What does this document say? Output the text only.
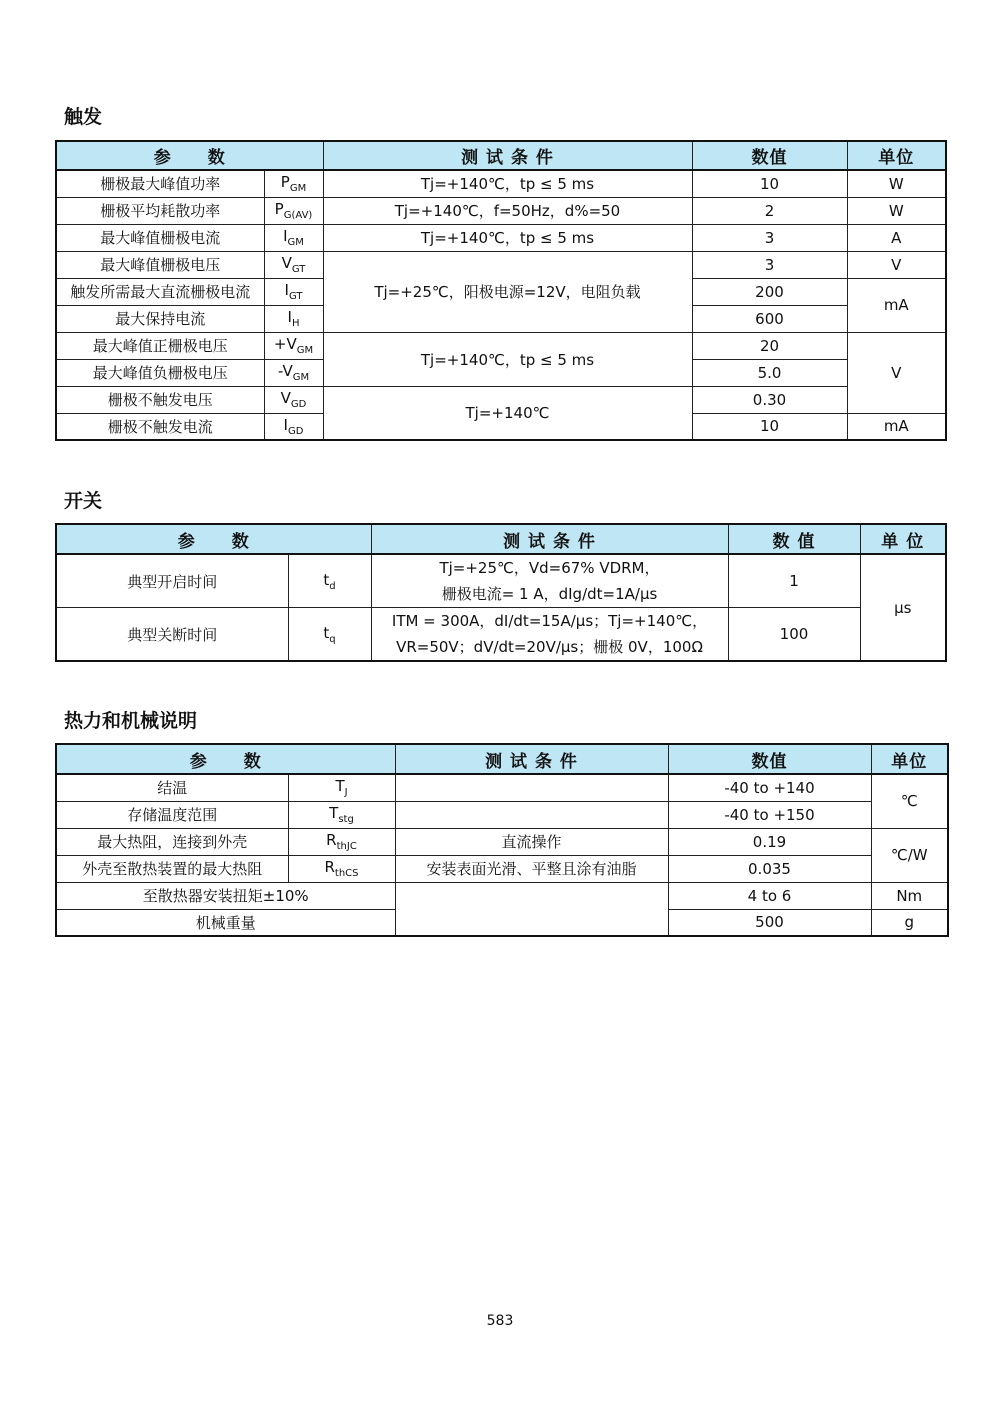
触发
参　　数		测 试 条 件	数值	单位
栅极最大峰值功率	$P_{GM}$	Tj=+140℃，tp ≤ 5 ms	10	W
栅极平均耗散功率	$P_{G(AV)}$	Tj=+140℃，f=50Hz，d%=50	2	W
最大峰值栅极电流	$I_{GM}$	Tj=+140℃，tp ≤ 5 ms	3	A
最大峰值栅极电压	$V_{GT}$	Tj=+25℃，阳极电源=12V，电阻负载	3	V
触发所需最大直流栅极电流	$I_{GT}$		200	mA
最大保持电流	$I_H$		600	
最大峰值正栅极电压	$+V_{GM}$	Tj=+140℃，tp ≤ 5 ms	20	V
最大峰值负栅极电压	$-V_{GM}$		5.0	
栅极不触发电压	$V_{GD}$	Tj=+140℃	0.30	
栅极不触发电流	$I_{GD}$		10	mA
开关
参　　数		测 试 条 件	数 值	单 位
典型开启时间	$t_d$	Tj=+25℃，Vd=67% VDRM，
栅极电流= 1 A，dIg/dt=1A/μs	1	μs
典型关断时间	$t_q$	ITM = 300A，dI/dt=15A/μs；Tj=+140℃，
VR=50V；dV/dt=20V/μs；栅极 0V，100Ω	100	
热力和机械说明
参　　数		测 试 条 件	数值	单位
结温	$T_J$		-40 to +140	℃
存储温度范围	$T_{stg}$		-40 to +150	
最大热阻，连接到外壳	$R_{thJC}$	直流操作	0.19	℃/W
外壳至散热装置的最大热阻	$R_{thCS}$	安装表面光滑、平整且涂有油脂	0.035	
至散热器安装扭矩±10%			4 to 6	Nm
机械重量			500	g
583
